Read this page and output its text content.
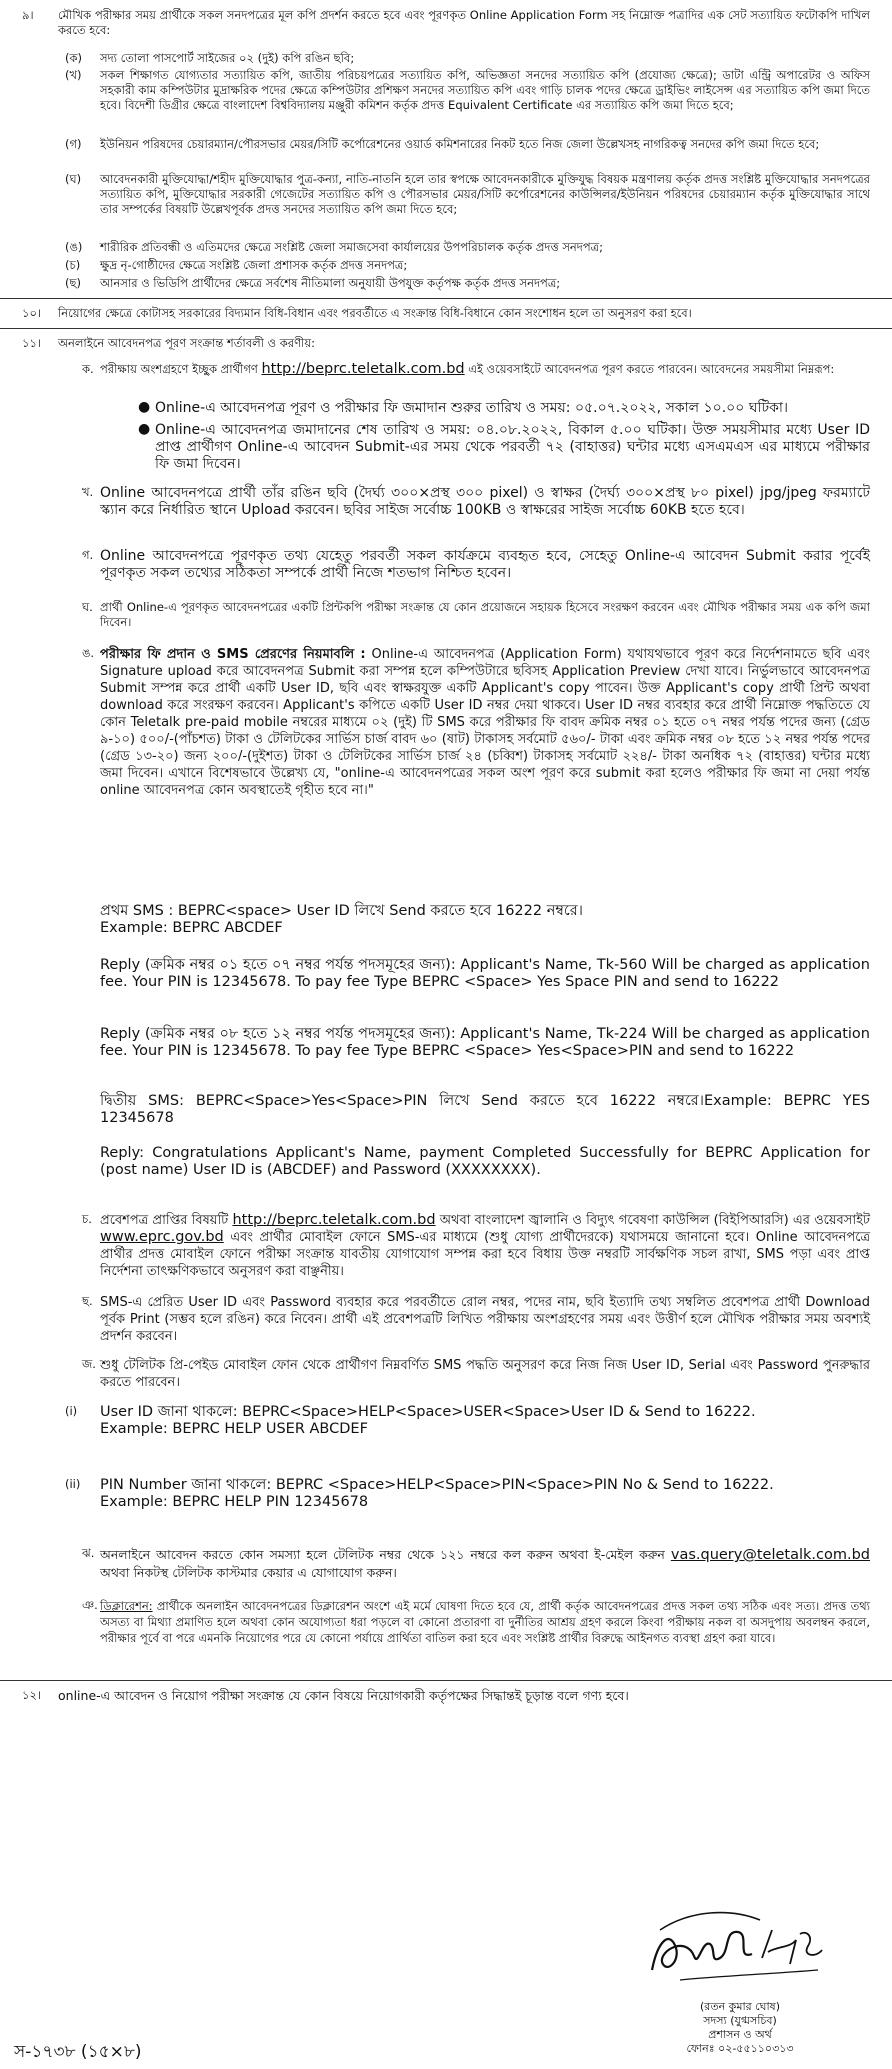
৯।	মৌখিক পরীক্ষার সময় প্রার্থীকে সকল সনদপত্রের মূল কপি প্রদর্শন করতে হবে এবং পূরণকৃত Online Application Form সহ নিম্নোক্ত পত্রাদির এক সেট সত্যায়িত ফটোকপি দাখিল করতে হবে:
(ক)	সদ্য তোলা পাসপোর্ট সাইজের ০২ (দুই) কপি রঙিন ছবি;
(খ)	সকল শিক্ষাগত যোগ্যতার সত্যায়িত কপি, জাতীয় পরিচয়পত্রের সত্যায়িত কপি, অভিজ্ঞতা সনদের সত্যায়িত কপি (প্রযোজ্য ক্ষেত্রে); ডাটা এন্ট্রি অপারেটর ও অফিস সহকারী কাম কম্পিউটার মুদ্রাক্ষরিক পদের ক্ষেত্রে কম্পিউটার প্রশিক্ষণ সনদের সত্যায়িত কপি এবং গাড়ি চালক পদের ক্ষেত্রে ড্রাইভিং লাইসেন্স এর সত্যায়িত কপি জমা দিতে হবে। বিদেশী ডিগ্রীর ক্ষেত্রে বাংলাদেশ বিশ্ববিদ্যালয় মঞ্জুরী কমিশন কর্তৃক প্রদত্ত Equivalent Certificate এর সত্যায়িত কপি জমা দিতে হবে;
(গ)	ইউনিয়ন পরিষদের চেয়ারম্যান/পৌরসভার মেয়র/সিটি কর্পোরেশনের ওয়ার্ড কমিশনারের নিকট হতে নিজ জেলা উল্লেখসহ নাগরিকত্ব সনদের কপি জমা দিতে হবে;
(ঘ)	আবেদনকারী মুক্তিযোদ্ধা/শহীদ মুক্তিযোদ্ধার পুত্র-কন্যা, নাতি-নাতনি হলে তার স্বপক্ষে আবেদনকারীকে মুক্তিযুদ্ধ বিষয়ক মন্ত্রণালয় কর্তৃক প্রদত্ত সংশ্লিষ্ট মুক্তিযোদ্ধার সনদপত্রের সত্যায়িত কপি, মুক্তিযোদ্ধার সরকারী গেজেটের সত্যায়িত কপি ও পৌরসভার মেয়র/সিটি কর্পোরেশনের কাউন্সিলর/ইউনিয়ন পরিষদের চেয়ারম্যান কর্তৃক মুক্তিযোদ্ধার সাথে তার সম্পর্কের বিষয়টি উল্লেখপূর্বক প্রদত্ত সনদের সত্যায়িত কপি জমা দিতে হবে;
(ঙ)	শারীরিক প্রতিবন্ধী ও এতিমদের ক্ষেত্রে সংশ্লিষ্ট জেলা সমাজসেবা কার্যালয়ের উপপরিচালক কর্তৃক প্রদত্ত সনদপত্র;
(চ)	ক্ষুদ্র নৃ-গোষ্ঠীদের ক্ষেত্রে সংশ্লিষ্ট জেলা প্রশাসক কর্তৃক প্রদত্ত সনদপত্র;
(ছ)	আনসার ও ভিডিপি প্রার্থীদের ক্ষেত্রে সর্বশেষ নীতিমালা অনুযায়ী উপযুক্ত কর্তৃপক্ষ কর্তৃক প্রদত্ত সনদপত্র;
১০।	নিয়োগের ক্ষেত্রে কোটাসহ সরকারের বিদ্যমান বিধি-বিধান এবং পরবর্তীতে এ সংক্রান্ত বিধি-বিধানে কোন সংশোধন হলে তা অনুসরণ করা হবে।
১১।	অনলাইনে আবেদনপত্র পূরণ সংক্রান্ত শর্তাবলী ও করণীয়:
ক. পরীক্ষায় অংশগ্রহণে ইচ্ছুক প্রার্থীগণ http://beprc.teletalk.com.bd এই ওয়েবসাইটে আবেদনপত্র পূরণ করতে পারবেন। আবেদনের সময়সীমা নিম্নরূপ:
● Online-এ আবেদনপত্র পূরণ ও পরীক্ষার ফি জমাদান শুরুর তারিখ ও সময়: ০৫.০৭.২০২২, সকাল ১০.০০ ঘটিকা।
● Online-এ আবেদনপত্র জমাদানের শেষ তারিখ ও সময়: ০৪.০৮.২০২২, বিকাল ৫.০০ ঘটিকা। উক্ত সময়সীমার মধ্যে User ID প্রাপ্ত প্রার্থীগণ Online-এ আবেদন Submit-এর সময় থেকে পরবর্তী ৭২ (বাহাত্তর) ঘন্টার মধ্যে এসএমএস এর মাধ্যমে পরীক্ষার ফি জমা দিবেন।
খ. Online আবেদনপত্রে প্রার্থী তাঁর রঙিন ছবি (দৈর্ঘ্য ৩০০×প্রস্থ ৩০০ pixel) ও স্বাক্ষর (দৈর্ঘ্য ৩০০×প্রস্থ ৮০ pixel) jpg/jpeg ফরম্যাটে স্ক্যান করে নির্ধারিত স্থানে Upload করবেন। ছবির সাইজ সর্বোচ্চ 100KB ও স্বাক্ষরের সাইজ সর্বোচ্চ 60KB হতে হবে।
গ. Online আবেদনপত্রে পূরণকৃত তথ্য যেহেতু পরবর্তী সকল কার্যক্রমে ব্যবহৃত হবে, সেহেতু Online-এ আবেদন Submit করার পূর্বেই পূরণকৃত সকল তথ্যের সঠিকতা সম্পর্কে প্রার্থী নিজে শতভাগ নিশ্চিত হবেন।
ঘ. প্রার্থী Online-এ পূরণকৃত আবেদনপত্রের একটি প্রিন্টকপি পরীক্ষা সংক্রান্ত যে কোন প্রয়োজনে সহায়ক হিসেবে সংরক্ষণ করবেন এবং মৌখিক পরীক্ষার সময় এক কপি জমা দিবেন।
ঙ. পরীক্ষার ফি প্রদান ও SMS প্রেরণের নিয়মাবলি : Online-এ আবেদনপত্র (Application Form) যথাযথভাবে পূরণ করে নির্দেশনামতে ছবি এবং Signature upload করে আবেদনপত্র Submit করা সম্পন্ন হলে কম্পিউটারে ছবিসহ Application Preview দেখা যাবে। নির্ভুলভাবে আবেদনপত্র Submit সম্পন্ন করে প্রার্থী একটি User ID, ছবি এবং স্বাক্ষরযুক্ত একটি Applicant's copy পাবেন। উক্ত Applicant's copy প্রার্থী প্রিন্ট অথবা download করে সংরক্ষণ করবেন। Applicant's কপিতে একটি User ID নম্বর দেয়া থাকবে। User ID নম্বর ব্যবহার করে প্রার্থী নিম্নোক্ত পদ্ধতিতে যে কোন Teletalk pre-paid mobile নম্বরের মাধ্যমে ০২ (দুই) টি SMS করে পরীক্ষার ফি বাবদ ক্রমিক নম্বর ০১ হতে ০৭ নম্বর পর্যন্ত পদের জন্য (গ্রেড ৯-১০) ৫০০/-(পাঁচশত) টাকা ও টেলিটকের সার্ভিস চার্জ বাবদ ৬০ (ষাট) টাকাসহ সর্বমোট ৫৬০/- টাকা এবং ক্রমিক নম্বর ০৮ হতে ১২ নম্বর পর্যন্ত পদের (গ্রেড ১৩-২০) জন্য ২০০/-(দুইশত) টাকা ও টেলিটকের সার্ভিস চার্জ ২৪ (চব্বিশ) টাকাসহ সর্বমোট ২২৪/- টাকা অনধিক ৭২ (বাহাত্তর) ঘন্টার মধ্যে জমা দিবেন। এখানে বিশেষভাবে উল্লেখ্য যে, "online-এ আবেদনপত্রের সকল অংশ পূরণ করে submit করা হলেও পরীক্ষার ফি জমা না দেয়া পর্যন্ত online আবেদনপত্র কোন অবস্থাতেই গৃহীত হবে না।"
প্রথম SMS : BEPRC<space> User ID লিখে Send করতে হবে 16222 নম্বরে।
Example: BEPRC ABCDEF
Reply (ক্রমিক নম্বর ০১ হতে ০৭ নম্বর পর্যন্ত পদসমূহের জন্য): Applicant's Name, Tk-560 Will be charged as application fee. Your PIN is 12345678. To pay fee Type BEPRC <Space> Yes Space PIN and send to 16222
Reply (ক্রমিক নম্বর ০৮ হতে ১২ নম্বর পর্যন্ত পদসমূহের জন্য): Applicant's Name, Tk-224 Will be charged as application fee. Your PIN is 12345678. To pay fee Type BEPRC <Space> Yes<Space>PIN and send to 16222
দ্বিতীয় SMS: BEPRC<Space>Yes<Space>PIN লিখে Send করতে হবে 16222 নম্বরে।Example: BEPRC YES 12345678
Reply: Congratulations Applicant's Name, payment Completed Successfully for BEPRC Application for (post name) User ID is (ABCDEF) and Password (XXXXXXXX).
চ. প্রবেশপত্র প্রাপ্তির বিষয়টি http://beprc.teletalk.com.bd অথবা বাংলাদেশ জ্বালানি ও বিদ্যুৎ গবেষণা কাউন্সিল (বিইপিআরসি) এর ওয়েবসাইট www.eprc.gov.bd এবং প্রার্থীর মোবাইল ফোনে SMS-এর মাধ্যমে (শুধু যোগ্য প্রার্থীদেরকে) যথাসময়ে জানানো হবে। Online আবেদনপত্রে প্রার্থীর প্রদত্ত মোবাইল ফোনে পরীক্ষা সংক্রান্ত যাবতীয় যোগাযোগ সম্পন্ন করা হবে বিধায় উক্ত নম্বরটি সার্বক্ষণিক সচল রাখা, SMS পড়া এবং প্রাপ্ত নির্দেশনা তাৎক্ষণিকভাবে অনুসরণ করা বাঞ্ছনীয়।
ছ. SMS-এ প্রেরিত User ID এবং Password ব্যবহার করে পরবর্তীতে রোল নম্বর, পদের নাম, ছবি ইত্যাদি তথ্য সম্বলিত প্রবেশপত্র প্রার্থী Download পূর্বক Print (সম্ভব হলে রঙিন) করে নিবেন। প্রার্থী এই প্রবেশপত্রটি লিখিত পরীক্ষায় অংশগ্রহণের সময় এবং উত্তীর্ণ হলে মৌখিক পরীক্ষার সময় অবশ্যই প্রদর্শন করবেন।
জ. শুধু টেলিটক প্রি-পেইড মোবাইল ফোন থেকে প্রার্থীগণ নিম্নবর্ণিত SMS পদ্ধতি অনুসরণ করে নিজ নিজ User ID, Serial এবং Password পুনরুদ্ধার করতে পারবেন।
(i)	User ID জানা থাকলে: BEPRC<Space>HELP<Space>USER<Space>User ID & Send to 16222.
Example: BEPRC HELP USER ABCDEF
(ii)	PIN Number জানা থাকলে: BEPRC <Space>HELP<Space>PIN<Space>PIN No & Send to 16222.
Example: BEPRC HELP PIN 12345678
ঝ. অনলাইনে আবেদন করতে কোন সমস্যা হলে টেলিটক নম্বর থেকে ১২১ নম্বরে কল করুন অথবা ই-মেইল করুন vas.query@teletalk.com.bd অথবা নিকটস্থ টেলিটক কাস্টমার কেয়ার এ যোগাযোগ করুন।
ঞ. ডিক্লারেশন: প্রার্থীকে অনলাইন আবেদনপত্রের ডিক্লারেশন অংশে এই মর্মে ঘোষণা দিতে হবে যে, প্রার্থী কর্তৃক আবেদনপত্রের প্রদত্ত সকল তথ্য সঠিক এবং সত্য। প্রদত্ত তথ্য অসত্য বা মিথ্যা প্রমাণিত হলে অথবা কোন অযোগ্যতা ধরা পড়লে বা কোনো প্রতারণা বা দুর্নীতির আশ্রয় গ্রহণ করলে কিংবা পরীক্ষায় নকল বা অসদুপায় অবলম্বন করলে, পরীক্ষার পূর্বে বা পরে এমনকি নিয়োগের পরে যে কোনো পর্যায়ে প্রার্থিতা বাতিল করা হবে এবং সংশ্লিষ্ট প্রার্থীর বিরুদ্ধে আইনগত ব্যবস্থা গ্রহণ করা যাবে।
১২।	online-এ আবেদন ও নিয়োগ পরীক্ষা সংক্রান্ত যে কোন বিষয়ে নিয়োগকারী কর্তৃপক্ষের সিদ্ধান্তই চূড়ান্ত বলে গণ্য হবে।
(রতন কুমার ঘোষ)
সদস্য (যুগ্মসচিব)
প্রশাসন ও অর্থ
ফোনঃ ০২-৫৫১১০৩১৩
স-১৭৩৮ (১৫×৮)
